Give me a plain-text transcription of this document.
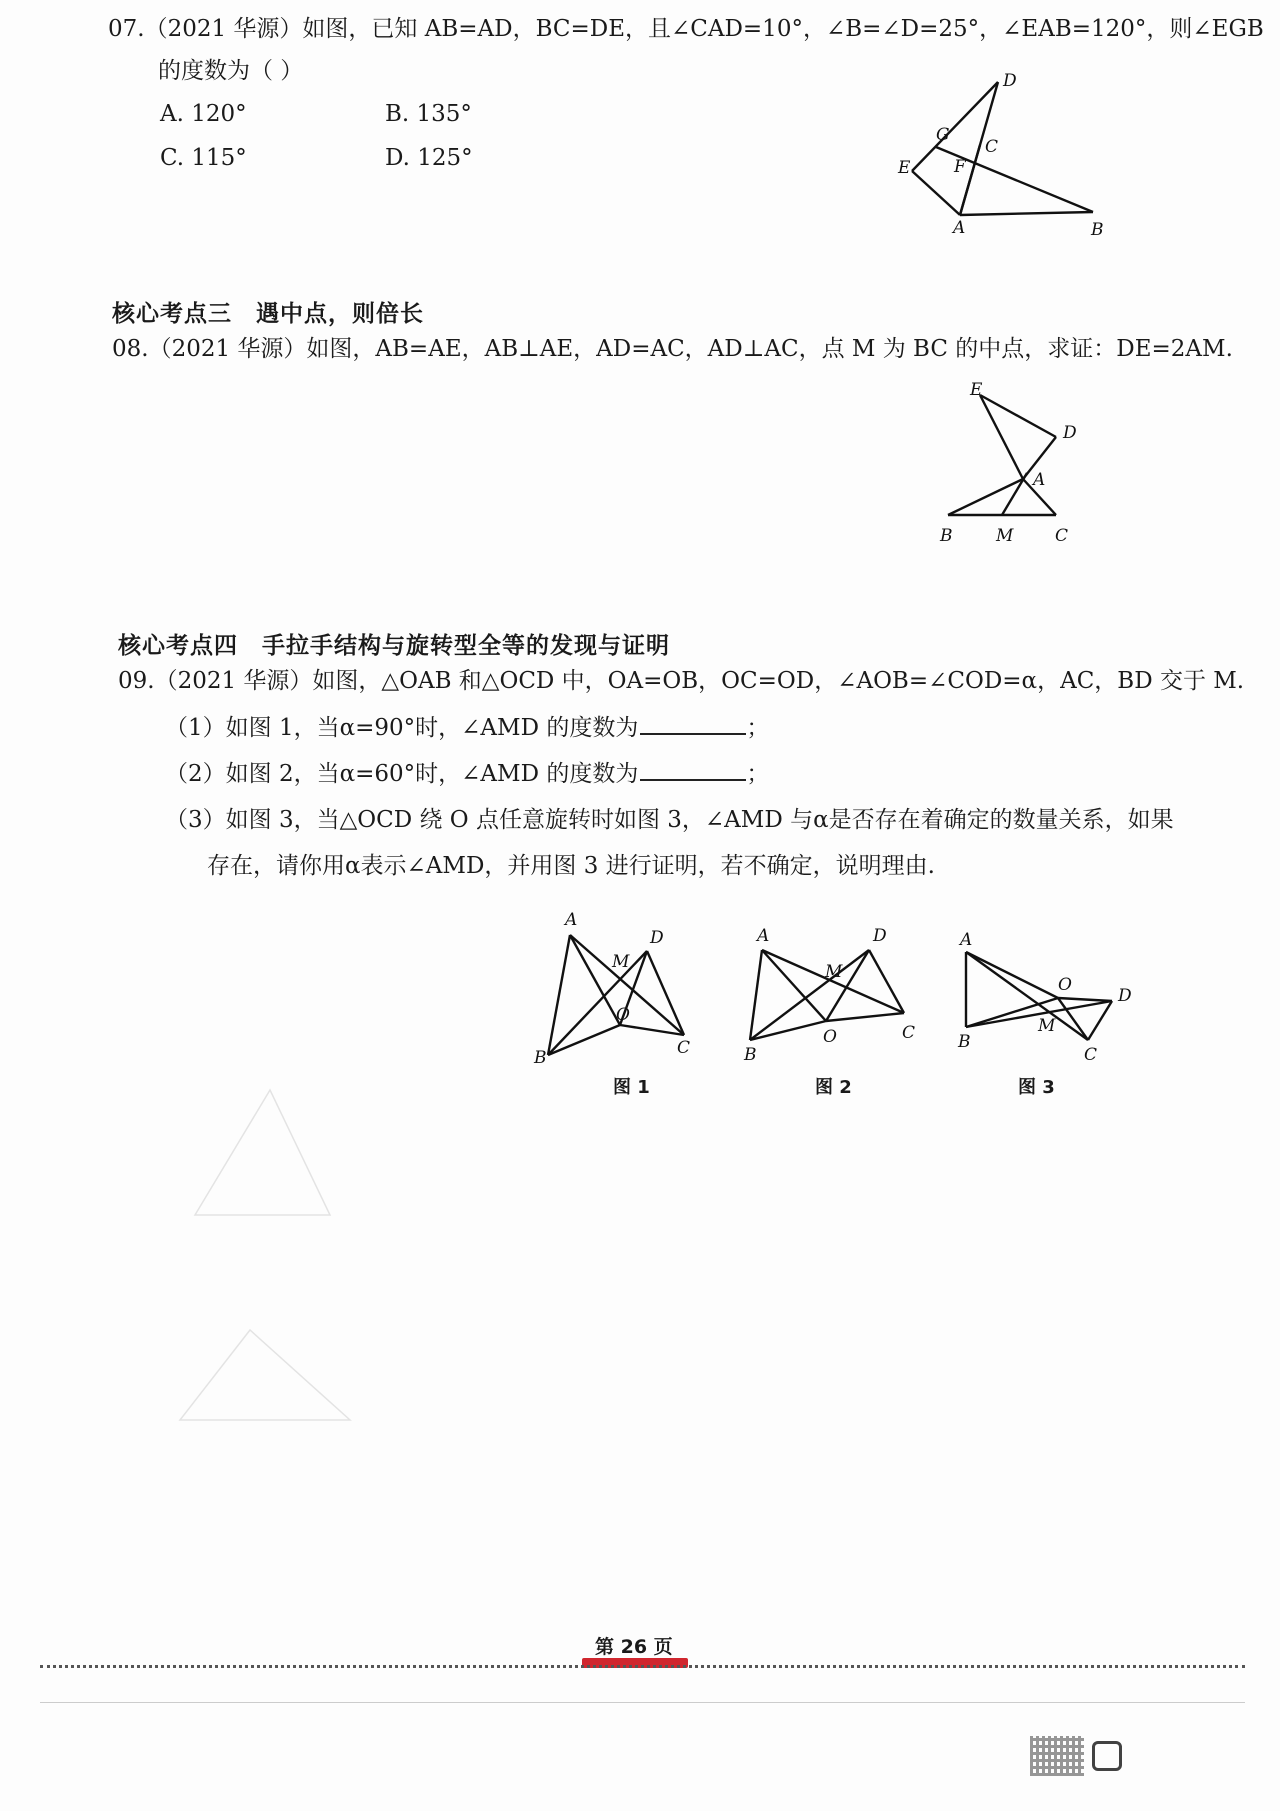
07.（2021 华源）如图，已知 AB=AD，BC=DE，且∠CAD=10°，∠B=∠D=25°，∠EAB=120°，则∠EGB
的度数为（ ）
A. 120°	B. 135°
C. 115°	D. 125°
D
G
C
E	F
A	B
核心考点三　遇中点，则倍长
08.（2021 华源）如图，AB=AE，AB⊥AE，AD=AC，AD⊥AC，点 M 为 BC 的中点，求证：DE=2AM.
E
D
A
B	M C
核心考点四　手拉手结构与旋转型全等的发现与证明
09.（2021 华源）如图，△OAB 和△OCD 中，OA=OB，OC=OD，∠AOB=∠COD=α，AC，BD 交于 M.
（1）如图 1，当α=90°时，∠AMD 的度数为	；
（2）如图 2，当α=60°时，∠AMD 的度数为	；
（3）如图 3，当△OCD 绕 O 点任意旋转时如图 3，∠AMD 与α是否存在着确定的数量关系，如果
存在，请你用α表示∠AMD，并用图 3 进行证明，若不确定，说明理由.
A
B
D
M
O
C
图 1
A
B
D
M
O	C
图 2
A
B
O
D
M
C
图 3
第 26 页
